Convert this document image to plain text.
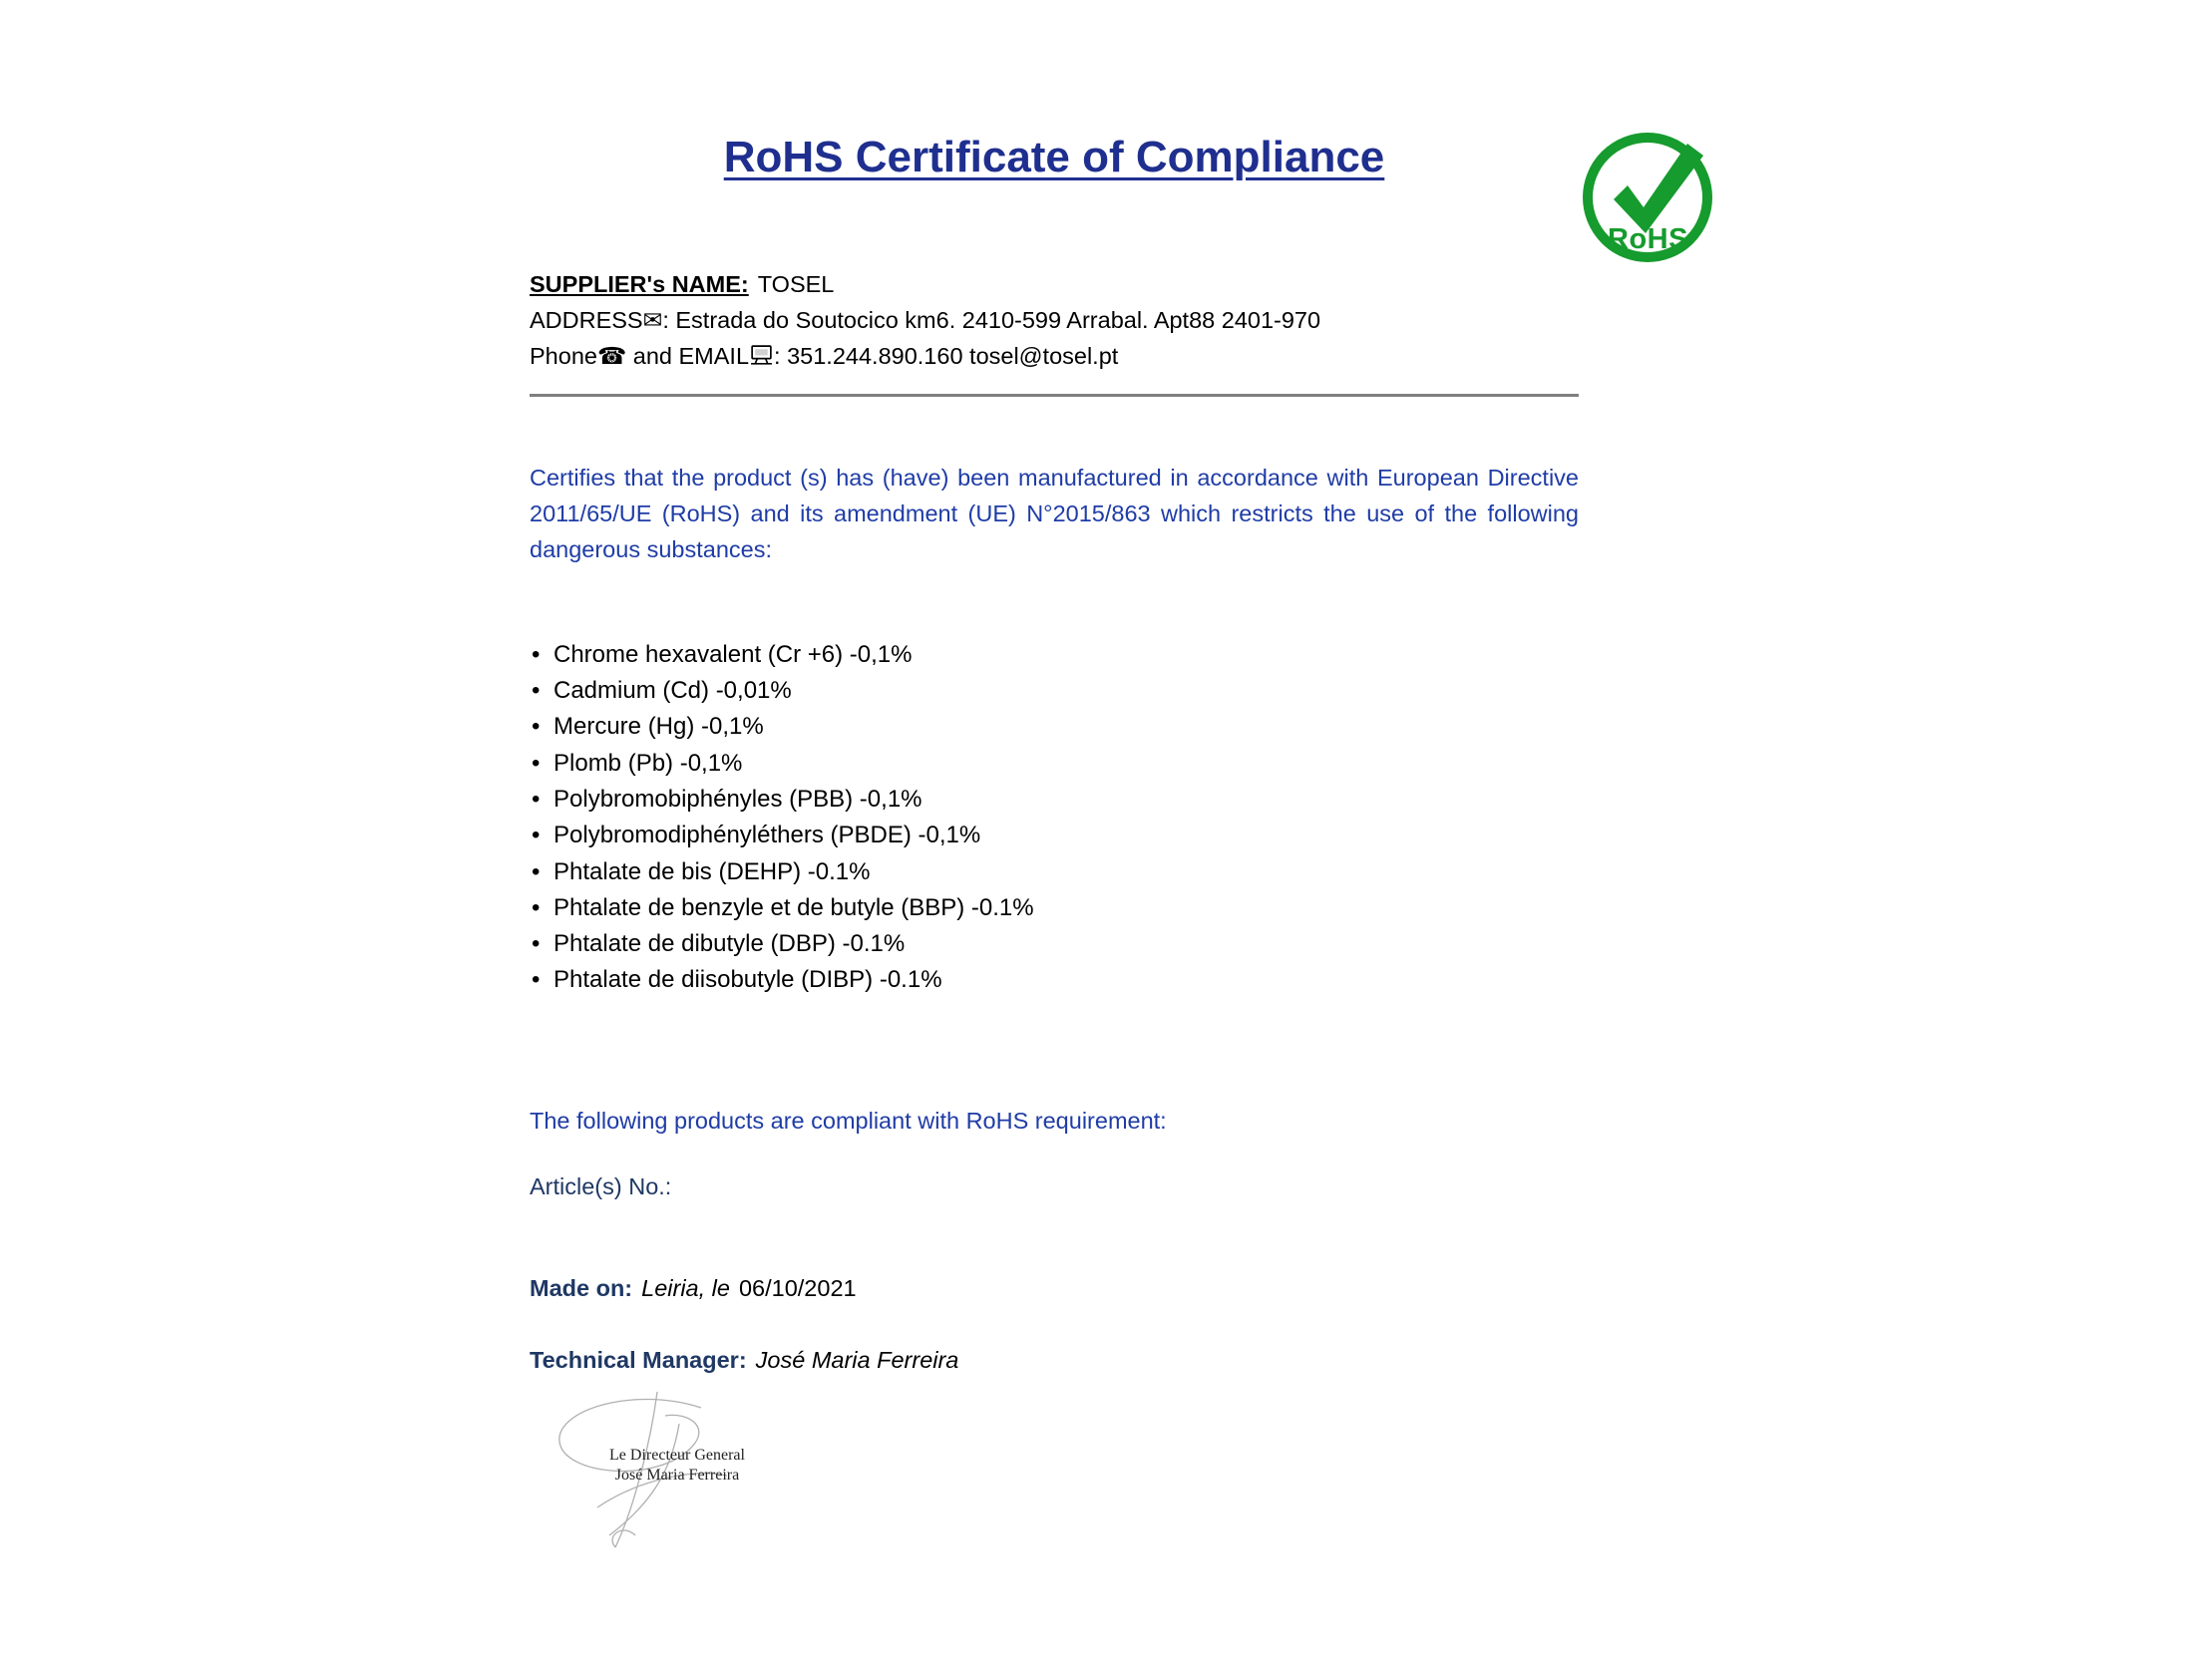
RoHS
RoHS Certificate of Compliance
SUPPLIER's NAME: TOSEL
ADDRESS✉: Estrada do Soutocico km6. 2410-599 Arrabal. Apt88 2401-970
Phone☎ and EMAIL : 351.244.890.160 tosel@tosel.pt

Certifies that the product (s) has (have) been manufactured in accordance with European Directive 2011/65/UE (RoHS) and its amendment (UE) N°2015/863 which restricts the use of the following dangerous substances:

• Chrome hexavalent (Cr +6) -0,1%
• Cadmium (Cd) -0,01%
• Mercure (Hg) -0,1%
• Plomb (Pb) -0,1%
• Polybromobiphényles (PBB) -0,1%
• Polybromodiphényléthers (PBDE) -0,1%
• Phtalate de bis (DEHP) -0.1%
• Phtalate de benzyle et de butyle (BBP) -0.1%
• Phtalate de dibutyle (DBP) -0.1%
• Phtalate de diisobutyle (DIBP) -0.1%

The following products are compliant with RoHS requirement:

Article(s) No.:

Made on: Leiria, le 06/10/2021

Technical Manager: José Maria Ferreira

Le Directeur General
José Maria Ferreira
